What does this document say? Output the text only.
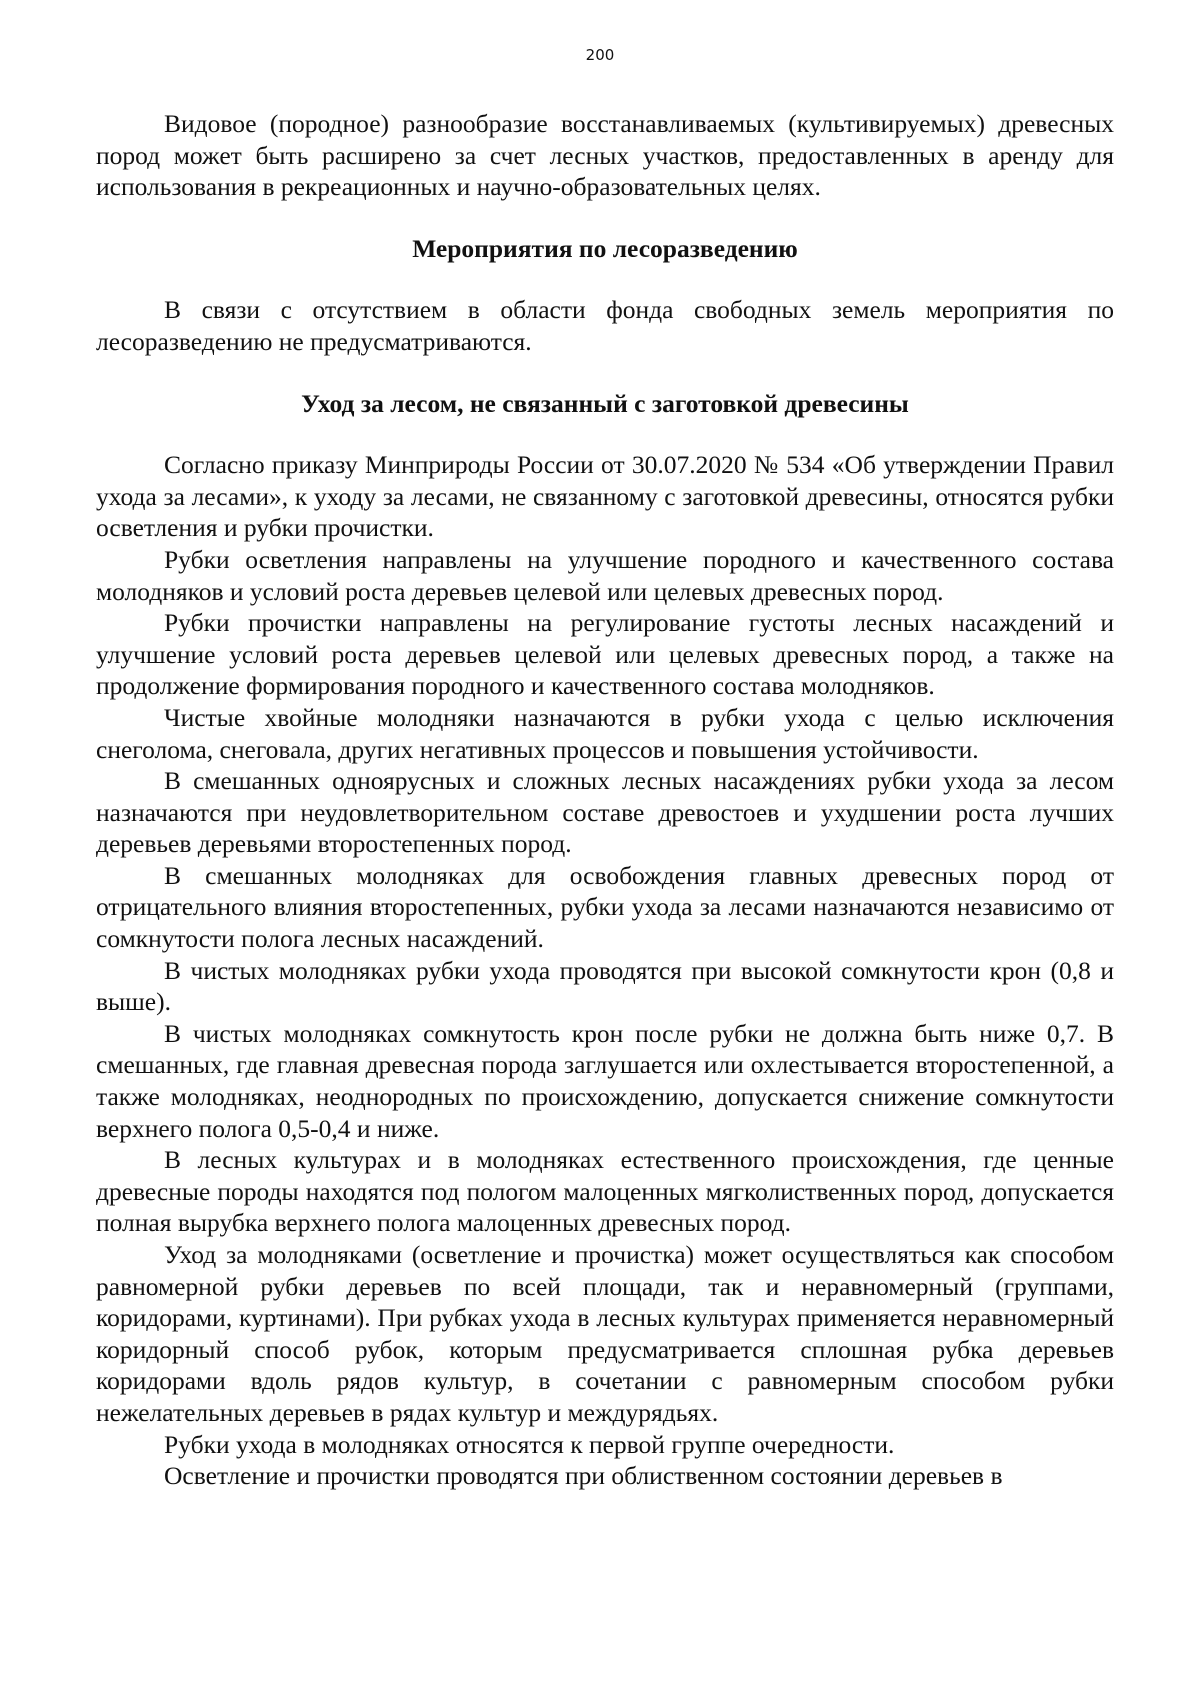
200

Видовое (породное) разнообразие восстанавливаемых (культивируемых) древесных пород может быть расширено за счет лесных участков, предоставленных в аренду для использования в рекреационных и научно-образовательных целях.

Мероприятия по лесоразведению

В связи с отсутствием в области фонда свободных земель мероприятия по лесоразведению не предусматриваются.

Уход за лесом, не связанный с заготовкой древесины

Согласно приказу Минприроды России от 30.07.2020 № 534 «Об утверждении Правил ухода за лесами», к уходу за лесами, не связанному с заготовкой древесины, относятся рубки осветления и рубки прочистки.

Рубки осветления направлены на улучшение породного и качественного состава молодняков и условий роста деревьев целевой или целевых древесных пород.

Рубки прочистки направлены на регулирование густоты лесных насаждений и улучшение условий роста деревьев целевой или целевых древесных пород, а также на продолжение формирования породного и качественного состава молодняков.

Чистые хвойные молодняки назначаются в рубки ухода с целью исключения снеголома, снеговала, других негативных процессов и повышения устойчивости.

В смешанных одноярусных и сложных лесных насаждениях рубки ухода за лесом назначаются при неудовлетворительном составе древостоев и ухудшении роста лучших деревьев деревьями второстепенных пород.

В смешанных молодняках для освобождения главных древесных пород от отрицательного влияния второстепенных, рубки ухода за лесами назначаются независимо от сомкнутости полога лесных насаждений.

В чистых молодняках рубки ухода проводятся при высокой сомкнутости крон (0,8 и выше).

В чистых молодняках сомкнутость крон после рубки не должна быть ниже 0,7. В смешанных, где главная древесная порода заглушается или охлестывается второстепенной, а также молодняках, неоднородных по происхождению, допускается снижение сомкнутости верхнего полога 0,5-0,4 и ниже.

В лесных культурах и в молодняках естественного происхождения, где ценные древесные породы находятся под пологом малоценных мягколиственных пород, допускается полная вырубка верхнего полога малоценных древесных пород.

Уход за молодняками (осветление и прочистка) может осуществляться как способом равномерной рубки деревьев по всей площади, так и неравномерный (группами, коридорами, куртинами). При рубках ухода в лесных культурах применяется неравномерный коридорный способ рубок, которым предусматривается сплошная рубка деревьев коридорами вдоль рядов культур, в сочетании с равномерным способом рубки нежелательных деревьев в рядах культур и междурядьях.

Рубки ухода в молодняках относятся к первой группе очередности.

Осветление и прочистки проводятся при облиственном состоянии деревьев в
